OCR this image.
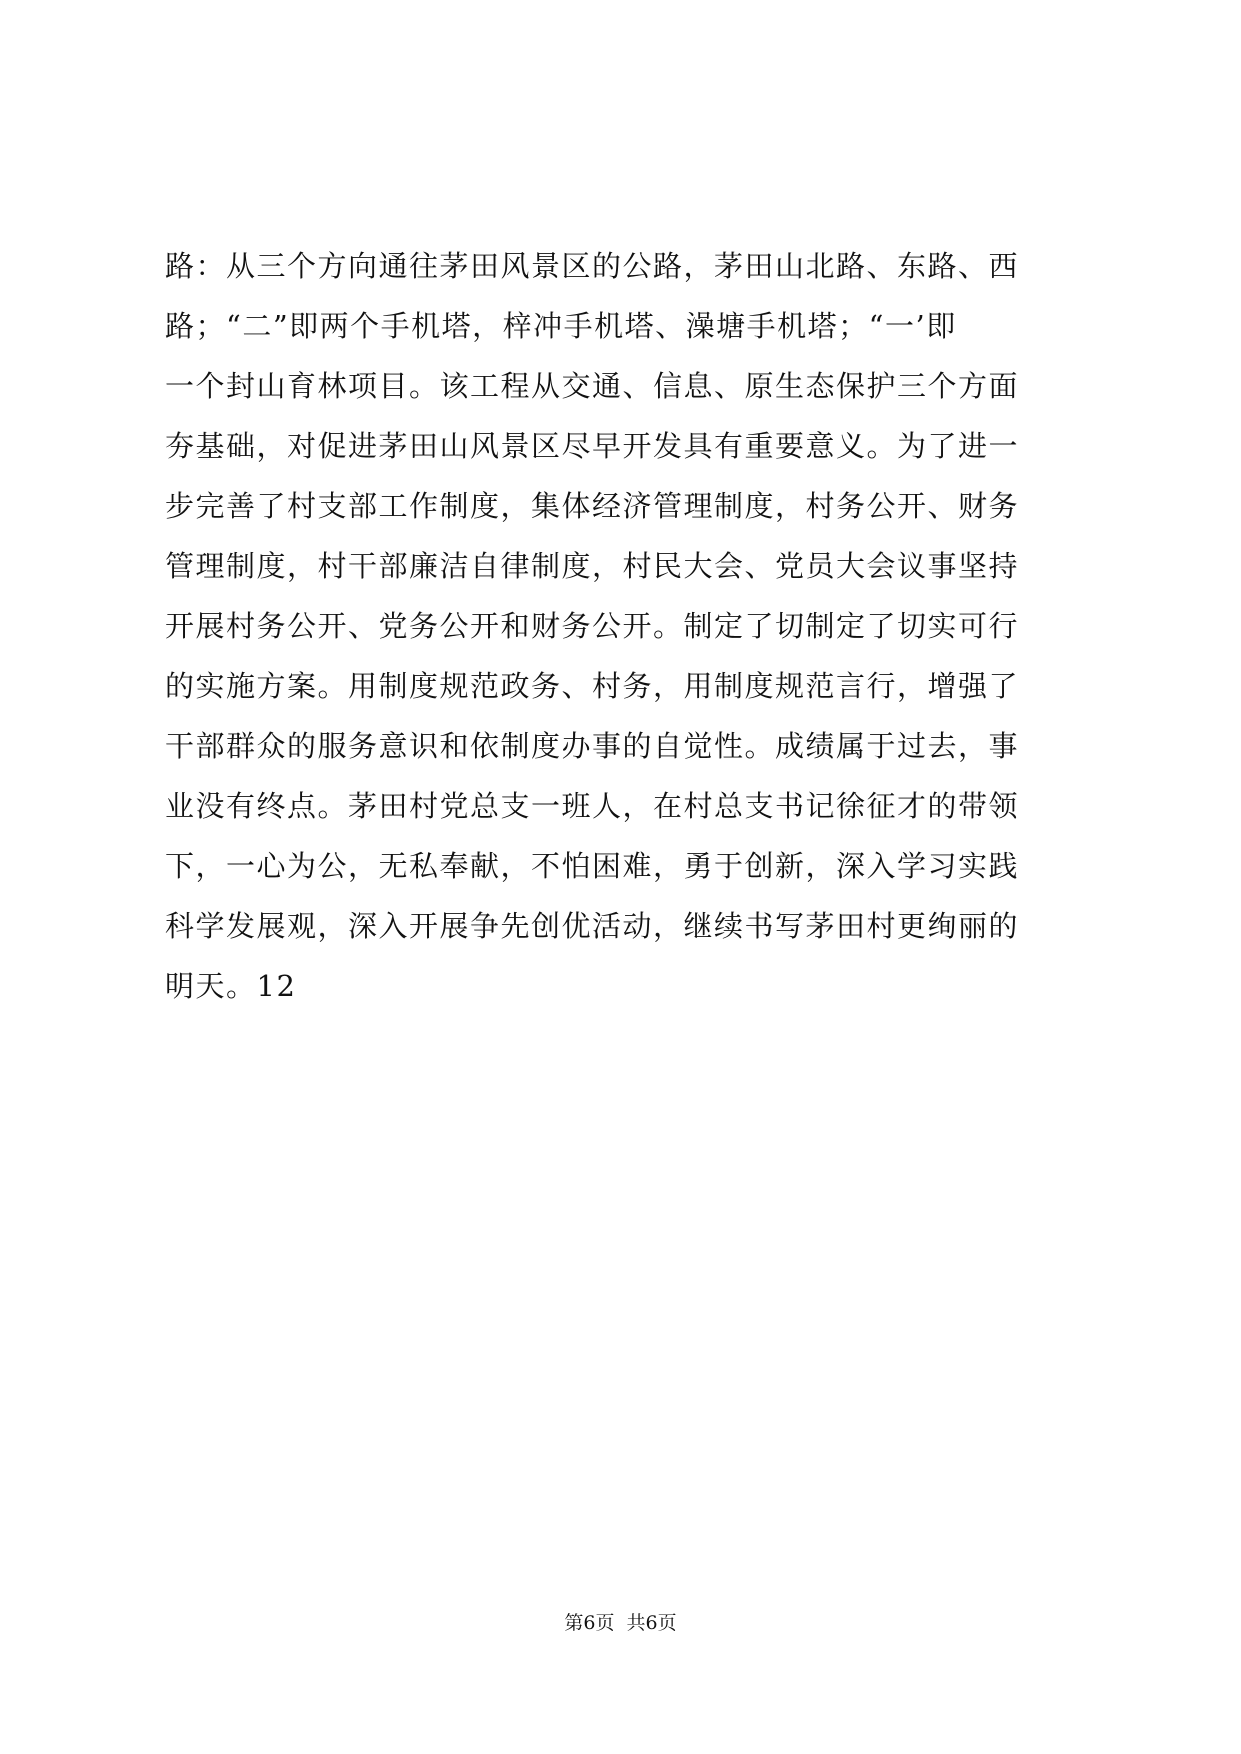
路：从三个方向通往茅田风景区的公路，茅田山北路、东路、西
路；“二”即两个手机塔，梓冲手机塔、澡塘手机塔；“一’即
一个封山育林项目。该工程从交通、信息、原生态保护三个方面
夯基础，对促进茅田山风景区尽早开发具有重要意义。为了进一
步完善了村支部工作制度，集体经济管理制度，村务公开、财务
管理制度，村干部廉洁自律制度，村民大会、党员大会议事坚持
开展村务公开、党务公开和财务公开。制定了切制定了切实可行
的实施方案。用制度规范政务、村务，用制度规范言行，增强了
干部群众的服务意识和依制度办事的自觉性。成绩属于过去，事
业没有终点。茅田村党总支一班人，在村总支书记徐征才的带领
下，一心为公，无私奉献，不怕困难，勇于创新，深入学习实践
科学发展观，深入开展争先创优活动，继续书写茅田村更绚丽的
明天。12
第6页 共6页
